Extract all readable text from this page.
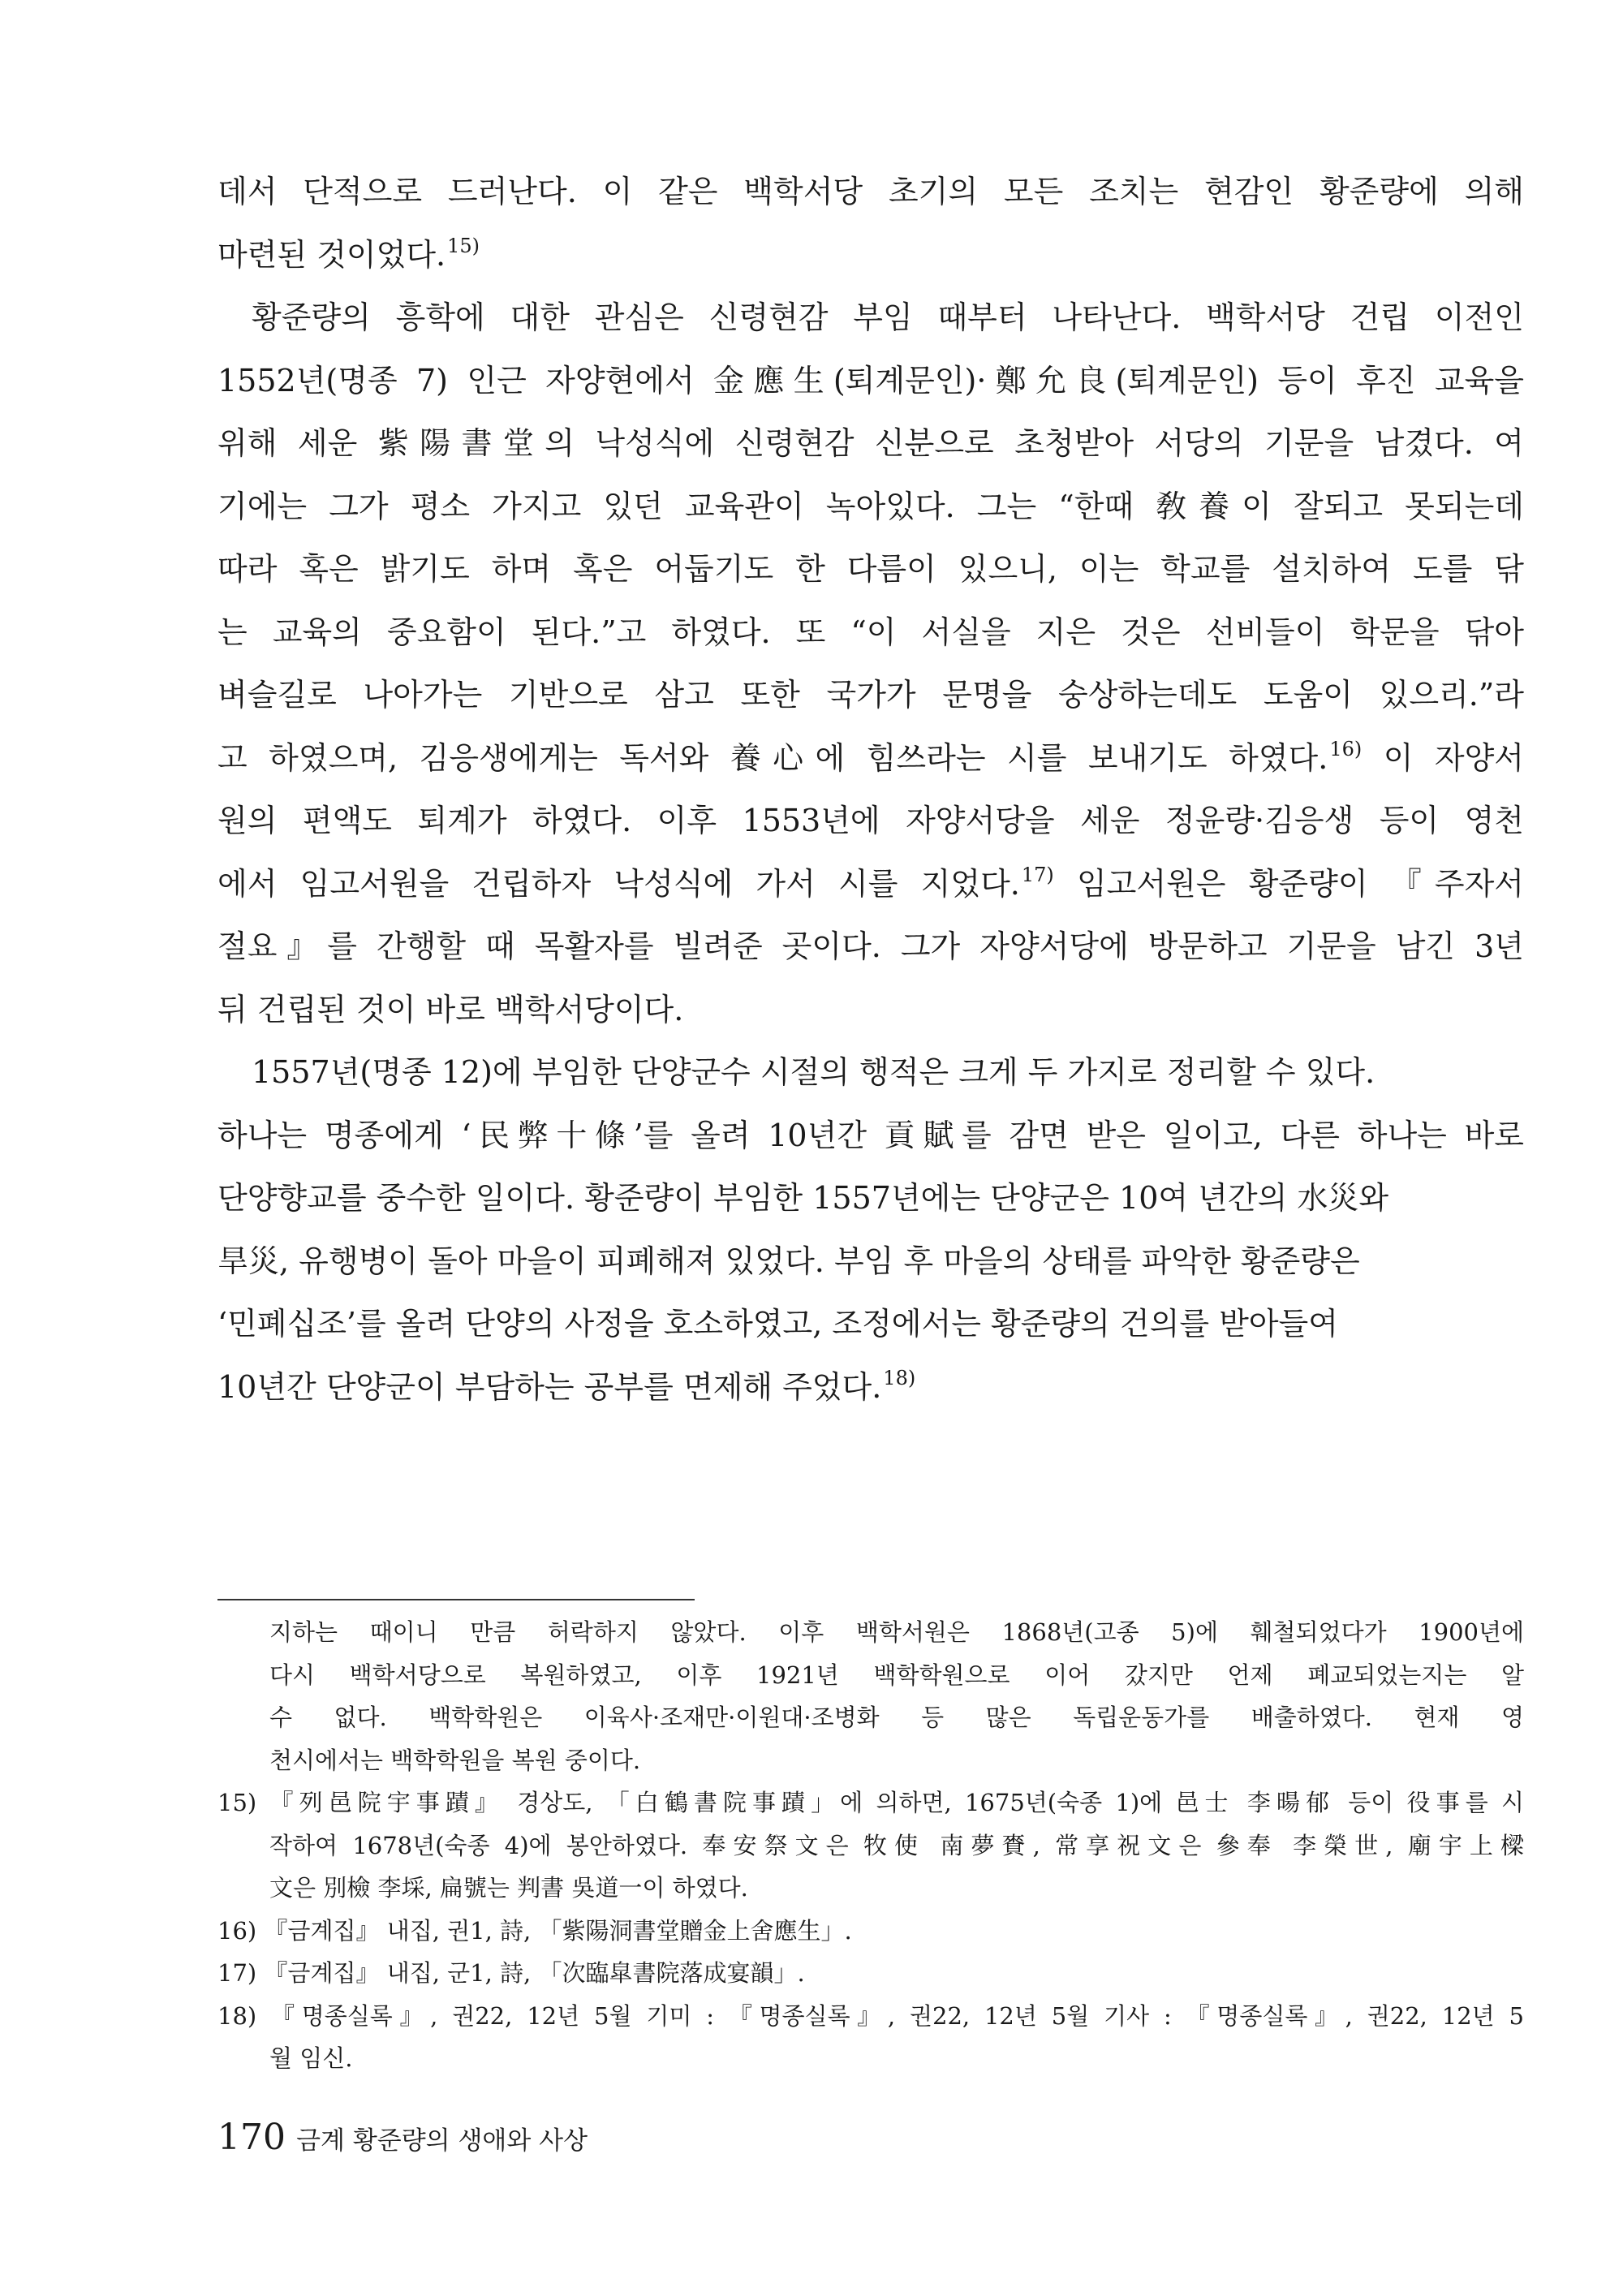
데서 단적으로 드러난다. 이 같은 백학서당 초기의 모든 조치는 현감인 황준량에 의해
마련된 것이었다.$^{15)}$
황준량의 흥학에 대한 관심은 신령현감 부임 때부터 나타난다. 백학서당 건립 이전인
1552년(명종 7) 인근 자양현에서 金應生(퇴계문인)·鄭允良(퇴계문인) 등이 후진 교육을
위해 세운 紫陽書堂의 낙성식에 신령현감 신분으로 초청받아 서당의 기문을 남겼다. 여
기에는 그가 평소 가지고 있던 교육관이 녹아있다. 그는 “한때 敎養이 잘되고 못되는데
따라 혹은 밝기도 하며 혹은 어둡기도 한 다름이 있으니, 이는 학교를 설치하여 도를 닦
는 교육의 중요함이 된다.”고 하였다. 또 “이 서실을 지은 것은 선비들이 학문을 닦아
벼슬길로 나아가는 기반으로 삼고 또한 국가가 문명을 숭상하는데도 도움이 있으리.”라
고 하였으며, 김응생에게는 독서와 養心에 힘쓰라는 시를 보내기도 하였다.$^{16)}$ 이 자양서
원의 편액도 퇴계가 하였다. 이후 1553년에 자양서당을 세운 정윤량·김응생 등이 영천
에서 임고서원을 건립하자 낙성식에 가서 시를 지었다.$^{17)}$ 임고서원은 황준량이 『주자서
절요』를 간행할 때 목활자를 빌려준 곳이다. 그가 자양서당에 방문하고 기문을 남긴 3년
뒤 건립된 것이 바로 백학서당이다.
1557년(명종 12)에 부임한 단양군수 시절의 행적은 크게 두 가지로 정리할 수 있다.
하나는 명종에게 ‘民弊十條’를 올려 10년간 貢賦를 감면 받은 일이고, 다른 하나는 바로
단양향교를 중수한 일이다. 황준량이 부임한 1557년에는 단양군은 10여 년간의 水災와
旱災, 유행병이 돌아 마을이 피폐해져 있었다. 부임 후 마을의 상태를 파악한 황준량은
‘민폐십조’를 올려 단양의 사정을 호소하였고, 조정에서는 황준량의 건의를 받아들여
10년간 단양군이 부담하는 공부를 면제해 주었다.$^{18)}$
지하는 때이니 만큼 허락하지 않았다. 이후 백학서원은 1868년(고종 5)에 훼철되었다가 1900년에
다시 백학서당으로 복원하였고, 이후 1921년 백학학원으로 이어 갔지만 언제 폐교되었는지는 알
수 없다. 백학학원은 이육사·조재만·이원대·조병화 등 많은 독립운동가를 배출하였다. 현재 영
천시에서는 백학학원을 복원 중이다.
15) 『列邑院宇事蹟』 경상도, 「白鶴書院事蹟」에 의하면, 1675년(숙종 1)에 邑士 李暘郁 등이 役事를 시
작하여 1678년(숙종 4)에 봉안하였다. 奉安祭文은 牧使 南夢賚, 常享祝文은 參奉 李榮世, 廟宇上樑
文은 別檢 李埰, 扁號는 判書 吳道一이 하였다.
16) 『금계집』 내집, 권1, 詩, 「紫陽洞書堂贈金上舍應生」.
17) 『금계집』 내집, 군1, 詩, 「次臨皐書院落成宴韻」.
18) 『명종실록』, 권22, 12년 5월 기미 : 『명종실록』, 권22, 12년 5월 기사 : 『명종실록』, 권22, 12년 5
월 임신.
170 금계 황준량의 생애와 사상
